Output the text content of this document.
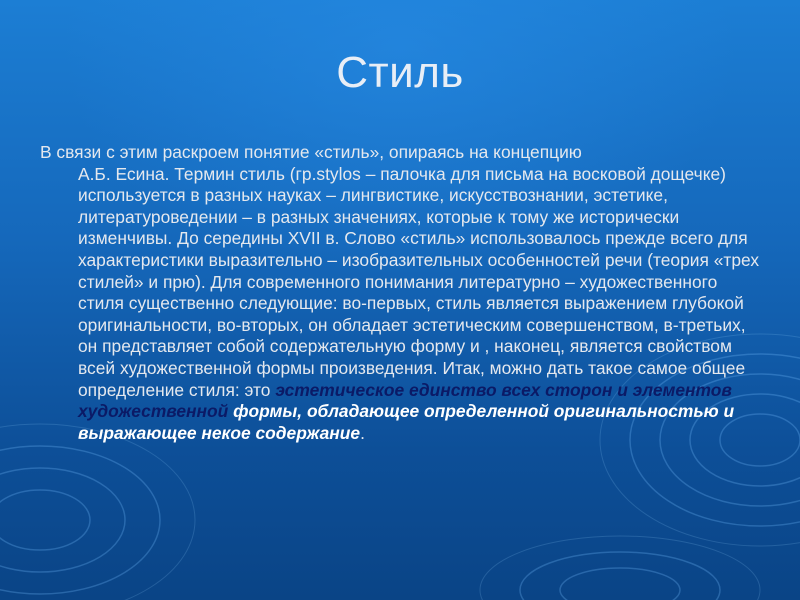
Стиль

В связи с этим раскроем понятие «стиль», опираясь на концепцию
А.Б. Есина. Термин стиль (гр.stylos – палочка для письма на восковой дощечке) используется в разных науках – лингвистике, искусствознании, эстетике, литературоведении – в разных значениях, которые к тому же исторически изменчивы. До середины XVII в. Слово «стиль» использовалось прежде всего для характеристики выразительно – изобразительных особенностей речи (теория «трех стилей» и прю). Для современного понимания литературно – художественного стиля существенно следующие: во-первых, стиль является выражением глубокой оригинальности, во-вторых, он обладает эстетическим совершенством, в-третьих, он представляет собой содержательную форму и , наконец, является свойством всей художественной формы произведения. Итак, можно дать такое самое общее определение стиля: это эстетическое единство всех сторон и элементов художественной формы, обладающее определенной оригинальностью и выражающее некое содержание.
